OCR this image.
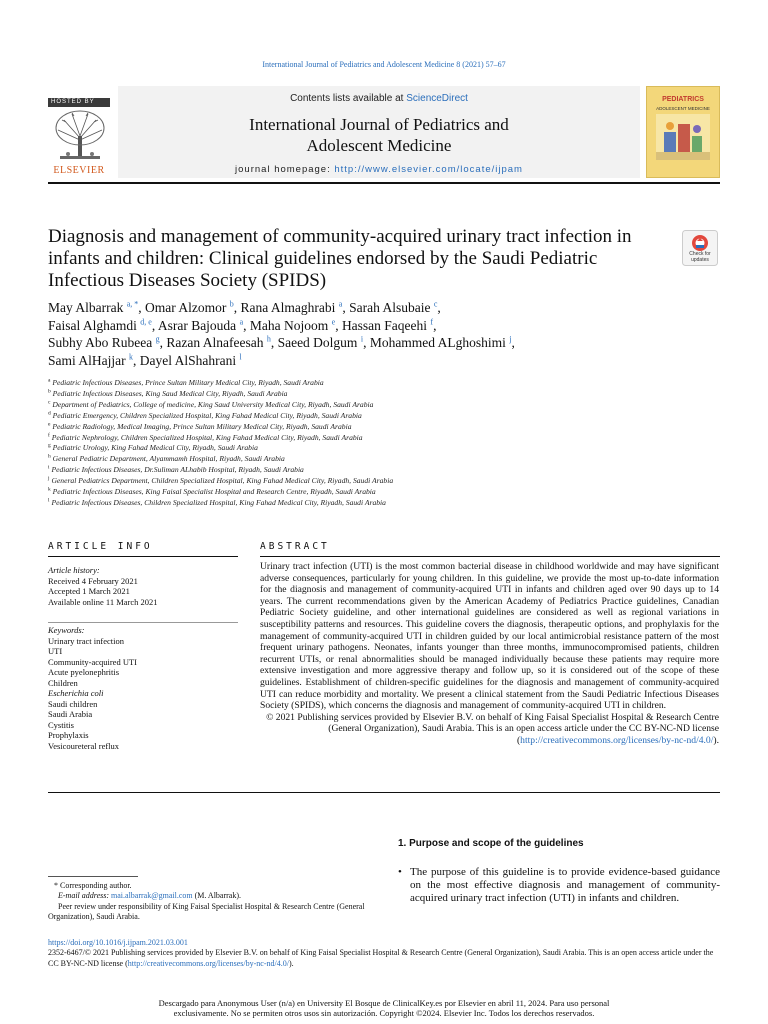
International Journal of Pediatrics and Adolescent Medicine 8 (2021) 57–67
HOSTED BY
ELSEVIER
Contents lists available at ScienceDirect
International Journal of Pediatrics and
Adolescent Medicine
journal homepage: http://www.elsevier.com/locate/ijpam
PEDIATRICS
ADOLESCENT MEDICINE
Diagnosis and management of community-acquired urinary tract infection in infants and children: Clinical guidelines endorsed by the Saudi Pediatric Infectious Diseases Society (SPIDS)
Check for updates
May Albarrak $^{a, *}$, Omar Alzomor $^b$, Rana Almaghrabi $^a$, Sarah Alsubaie $^c$,
Faisal Alghamdi $^{d, e}$, Asrar Bajouda $^a$, Maha Nojoom $^e$, Hassan Faqeehi $^f$,
Subhy Abo Rubeea $^g$, Razan Alnafeesah $^h$, Saeed Dolgum $^i$, Mohammed ALghoshimi $^j$,
Sami AlHajjar $^k$, Dayel AlShahrani $^l$
$^a$ Pediatric Infectious Diseases, Prince Sultan Military Medical City, Riyadh, Saudi Arabia
$^b$ Pediatric Infectious Diseases, King Saud Medical City, Riyadh, Saudi Arabia
$^c$ Department of Pediatrics, College of medicine, King Saud University Medical City, Riyadh, Saudi Arabia
$^d$ Pediatric Emergency, Children Specialized Hospital, King Fahad Medical City, Riyadh, Saudi Arabia
$^e$ Pediatric Radiology, Medical Imaging, Prince Sultan Military Medical City, Riyadh, Saudi Arabia
$^f$ Pediatric Nephrology, Children Specialized Hospital, King Fahad Medical City, Riyadh, Saudi Arabia
$^g$ Pediatric Urology, King Fahad Medical City, Riyadh, Saudi Arabia
$^h$ General Pediatric Department, Alyammamh Hospital, Riyadh, Saudi Arabia
$^i$ Pediatric Infectious Diseases, Dr.Suliman ALhabib Hospital, Riyadh, Saudi Arabia
$^j$ General Pediatrics Department, Children Specialized Hospital, King Fahad Medical City, Riyadh, Saudi Arabia
$^k$ Pediatric Infectious Diseases, King Faisal Specialist Hospital and Research Centre, Riyadh, Saudi Arabia
$^l$ Pediatric Infectious Diseases, Children Specialized Hospital, King Fahad Medical City, Riyadh, Saudi Arabia
ARTICLE INFO
Article history:
Received 4 February 2021
Accepted 1 March 2021
Available online 11 March 2021
Keywords:
Urinary tract infection
UTI
Community-acquired UTI
Acute pyelonephritis
Children
Escherichia coli
Saudi children
Saudi Arabia
Cystitis
Prophylaxis
Vesicoureteral reflux
ABSTRACT

Urinary tract infection (UTI) is the most common bacterial disease in childhood worldwide and may have significant adverse consequences, particularly for young children. In this guideline, we provide the most up-to-date information for the diagnosis and management of community-acquired UTI in infants and children aged over 90 days up to 14 years. The current recommendations given by the American Academy of Pediatrics Practice guidelines, Canadian Pediatric Society guideline, and other international guidelines are considered as well as regional variations in susceptibility patterns and resources. This guideline covers the diagnosis, therapeutic options, and prophylaxis for the management of community-acquired UTI in children guided by our local antimicrobial resistance pattern of the most frequent urinary pathogens. Neonates, infants younger than three months, immunocompromised patients, children recurrent UTIs, or renal abnormalities should be managed individually because these patients may require more extensive investigation and more aggressive therapy and follow up, so it is considered out of the scope of these guidelines. Establishment of children-specific guidelines for the diagnosis and management of community-acquired UTI can reduce morbidity and mortality. We present a clinical statement from the Saudi Pediatric Infectious Diseases Society (SPIDS), which concerns the diagnosis and management of community-acquired UTI in children.

© 2021 Publishing services provided by Elsevier B.V. on behalf of King Faisal Specialist Hospital & Research Centre (General Organization), Saudi Arabia. This is an open access article under the CC BY-NC-ND license (http://creativecommons.org/licenses/by-nc-nd/4.0/).

1. Purpose and scope of the guidelines
• The purpose of this guideline is to provide evidence-based guidance on the most effective diagnosis and management of community-acquired urinary tract infection (UTI) in infants and children.

* Corresponding author.

E-mail address: mai.albarrak@gmail.com (M. Albarrak).

Peer review under responsibility of King Faisal Specialist Hospital & Research Centre (General Organization), Saudi Arabia.

https://doi.org/10.1016/j.ijpam.2021.03.001
2352-6467/© 2021 Publishing services provided by Elsevier B.V. on behalf of King Faisal Specialist Hospital & Research Centre (General Organization), Saudi Arabia. This is an open access article under the CC BY-NC-ND license (http://creativecommons.org/licenses/by-nc-nd/4.0/).
Descargado para Anonymous User (n/a) en University El Bosque de ClinicalKey.es por Elsevier en abril 11, 2024. Para uso personal
exclusivamente. No se permiten otros usos sin autorización. Copyright ©2024. Elsevier Inc. Todos los derechos reservados.
